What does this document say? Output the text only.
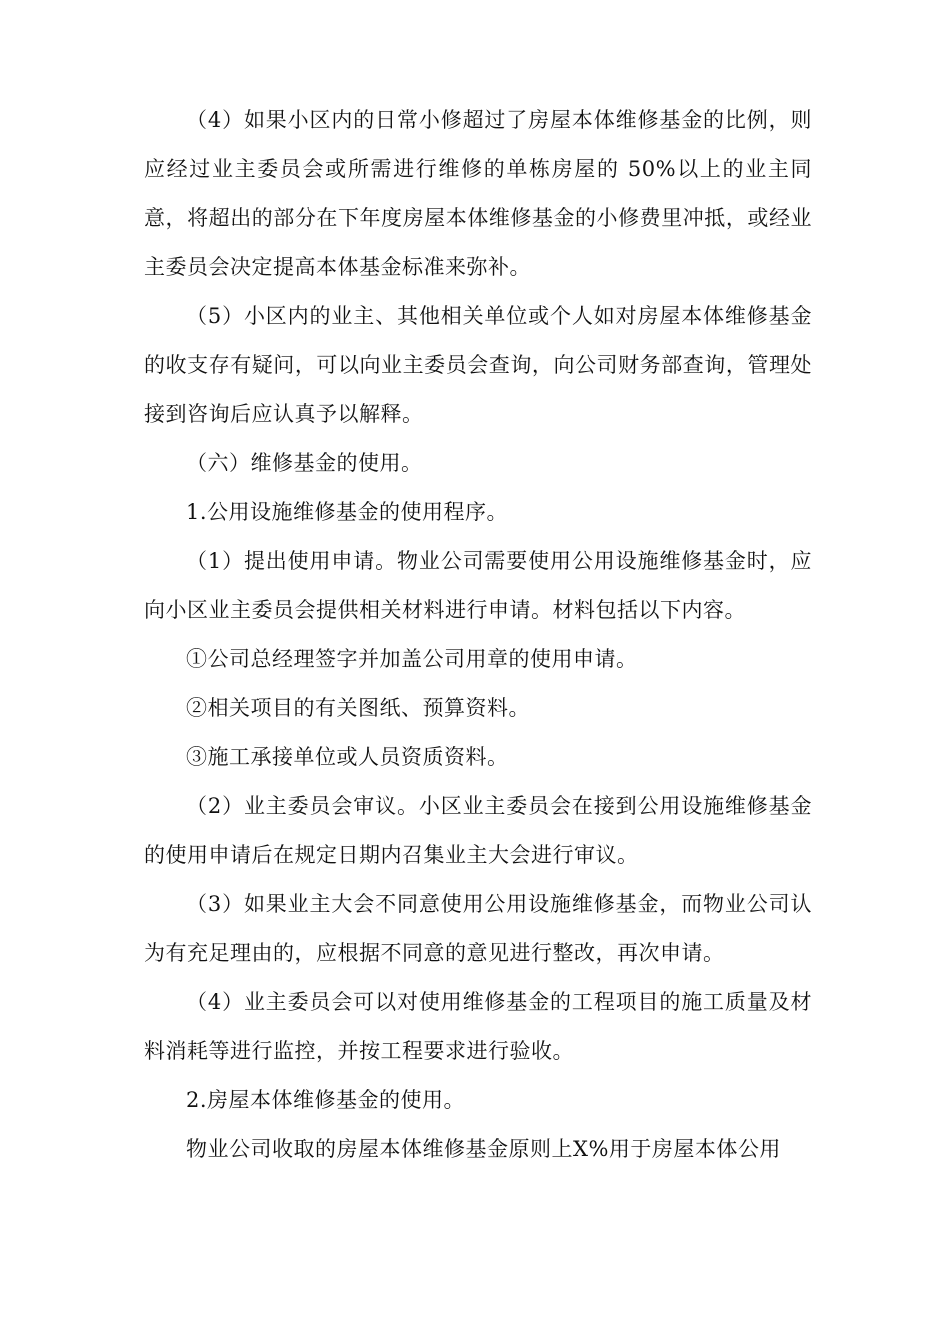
（4）如果小区内的日常小修超过了房屋本体维修基金的比例，则应经过业主委员会或所需进行维修的单栋房屋的 50%以上的业主同意，将超出的部分在下年度房屋本体维修基金的小修费里冲抵，或经业主委员会决定提高本体基金标准来弥补。

（5）小区内的业主、其他相关单位或个人如对房屋本体维修基金的收支存有疑问，可以向业主委员会查询，向公司财务部查询，管理处接到咨询后应认真予以解释。

（六）维修基金的使用。

1.公用设施维修基金的使用程序。

（1）提出使用申请。物业公司需要使用公用设施维修基金时，应向小区业主委员会提供相关材料进行申请。材料包括以下内容。

①公司总经理签字并加盖公司用章的使用申请。

②相关项目的有关图纸、预算资料。

③施工承接单位或人员资质资料。

（2）业主委员会审议。小区业主委员会在接到公用设施维修基金的使用申请后在规定日期内召集业主大会进行审议。

（3）如果业主大会不同意使用公用设施维修基金，而物业公司认为有充足理由的，应根据不同意的意见进行整改，再次申请。

（4）业主委员会可以对使用维修基金的工程项目的施工质量及材料消耗等进行监控，并按工程要求进行验收。

2.房屋本体维修基金的使用。

物业公司收取的房屋本体维修基金原则上X%用于房屋本体公用
